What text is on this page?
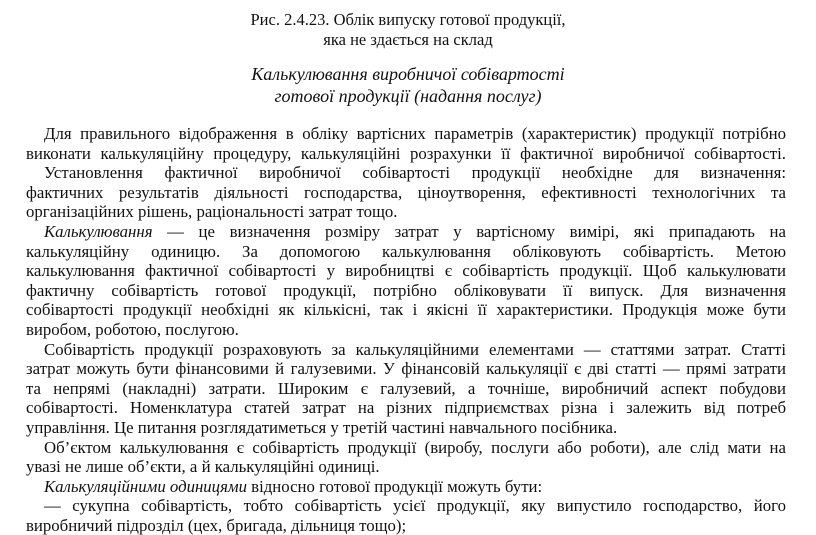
Рис. 2.4.23. Облік випуску готової продукції,
яка не здається на склад
Калькулювання виробничої собівартості
готової продукції (надання послуг)
Для правильного відображення в обліку вартісних параметрів (характеристик) продукції потрібно
виконати калькуляційну процедуру, калькуляційні розрахунки її фактичної виробничої собівартості.
Установлення фактичної виробничої собівартості продукції необхідне для визначення:
фактичних результатів діяльності господарства, ціноутворення, ефективності технологічних та
організаційних рішень, раціональності затрат тощо.
Калькулювання — це визначення розміру затрат у вартісному вимірі, які припадають на
калькуляційну одиницю. За допомогою калькулювання обліковують собівартість. Метою
калькулювання фактичної собівартості у виробництві є собівартість продукції. Щоб калькулювати
фактичну собівартість готової продукції, потрібно обліковувати її випуск. Для визначення
собівартості продукції необхідні як кількісні, так і якісні її характеристики. Продукція може бути
виробом, роботою, послугою.
Собівартість продукції розраховують за калькуляційними елементами — статтями затрат. Статті
затрат можуть бути фінансовими й галузевими. У фінансовій калькуляції є дві статті — прямі затрати
та непрямі (накладні) затрати. Широким є галузевий, а точніше, виробничий аспект побудови
собівартості. Номенклатура статей затрат на різних підприємствах різна і залежить від потреб
управління. Це питання розглядатиметься у третій частині навчального посібника.
Об’єктом калькулювання є собівартість продукції (виробу, послуги або роботи), але слід мати на
увазі не лише об’єкти, а й калькуляційні одиниці.
Калькуляційними одиницями відносно готової продукції можуть бути:
— сукупна собівартість, тобто собівартість усієї продукції, яку випустило господарство, його
виробничий підрозділ (цех, бригада, дільниця тощо);
